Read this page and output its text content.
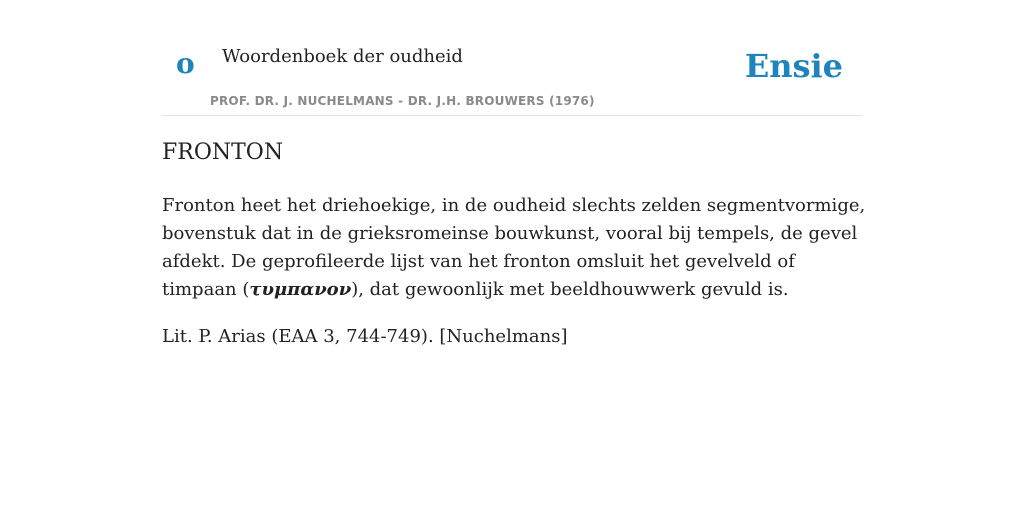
o Woordenboek der oudheid
PROF. DR. J. NUCHELMANS - DR. J.H. BROUWERS (1976)
Ensie
FRONTON

Fronton heet het driehoekige, in de oudheid slechts zelden segmentvormige, bovenstuk dat in de grieksromeinse bouwkunst, vooral bij tempels, de gevel afdekt. De geprofileerde lijst van het fronton omsluit het gevelveld of timpaan (τυμπανον), dat gewoonlijk met beeldhouwwerk gevuld is.

Lit. P. Arias (EAA 3, 744-749). [Nuchelmans]
